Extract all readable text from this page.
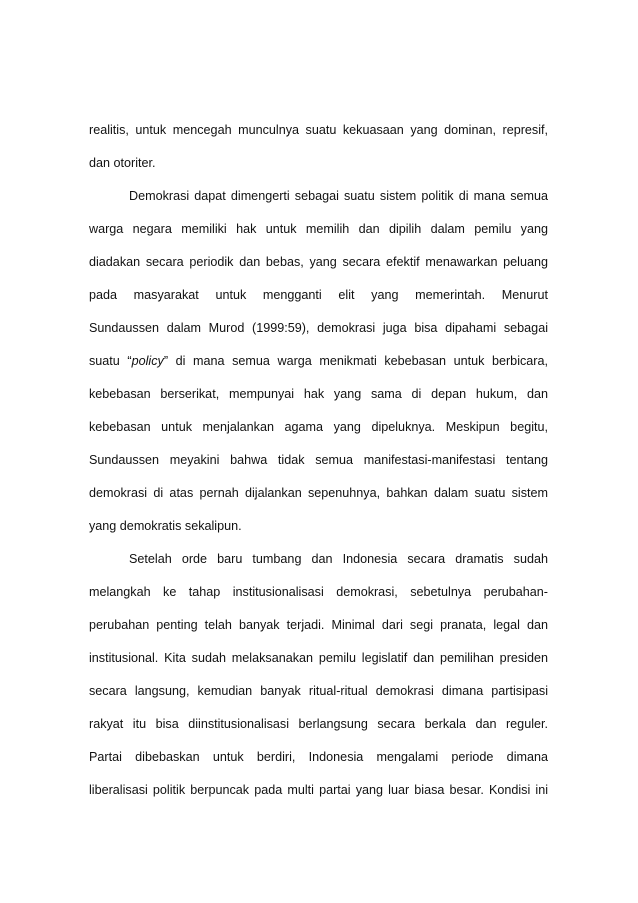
realitis, untuk mencegah munculnya suatu kekuasaan yang dominan, represif,
dan otoriter.
Demokrasi dapat dimengerti sebagai suatu sistem politik di mana semua
warga negara memiliki hak untuk memilih dan dipilih dalam pemilu yang
diadakan secara periodik dan bebas, yang secara efektif menawarkan peluang
pada masyarakat untuk mengganti elit yang memerintah. Menurut
Sundaussen dalam Murod (1999:59), demokrasi juga bisa dipahami sebagai
suatu “policy” di mana semua warga menikmati kebebasan untuk berbicara,
kebebasan berserikat, mempunyai hak yang sama di depan hukum, dan
kebebasan untuk menjalankan agama yang dipeluknya. Meskipun begitu,
Sundaussen meyakini bahwa tidak semua manifestasi-manifestasi tentang
demokrasi di atas pernah dijalankan sepenuhnya, bahkan dalam suatu sistem
yang demokratis sekalipun.
Setelah orde baru tumbang dan Indonesia secara dramatis sudah
melangkah ke tahap institusionalisasi demokrasi, sebetulnya perubahan-
perubahan penting telah banyak terjadi. Minimal dari segi pranata, legal dan
institusional. Kita sudah melaksanakan pemilu legislatif dan pemilihan presiden
secara langsung, kemudian banyak ritual-ritual demokrasi dimana partisipasi
rakyat itu bisa diinstitusionalisasi berlangsung secara berkala dan reguler.
Partai dibebaskan untuk berdiri, Indonesia mengalami periode dimana
liberalisasi politik berpuncak pada multi partai yang luar biasa besar. Kondisi ini
